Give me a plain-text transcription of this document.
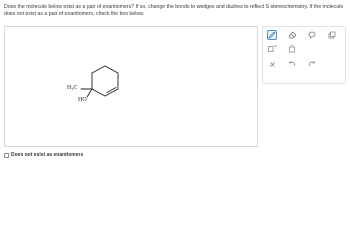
Does the molecule below exist as a pair of enantiomers? If so, change the bonds to wedges and dashes to reflect S stereochemistry. If the molecule does not exist as a pair of enantiomers, check the box below.
H₃C
HO
Does not exist as enantiomers
